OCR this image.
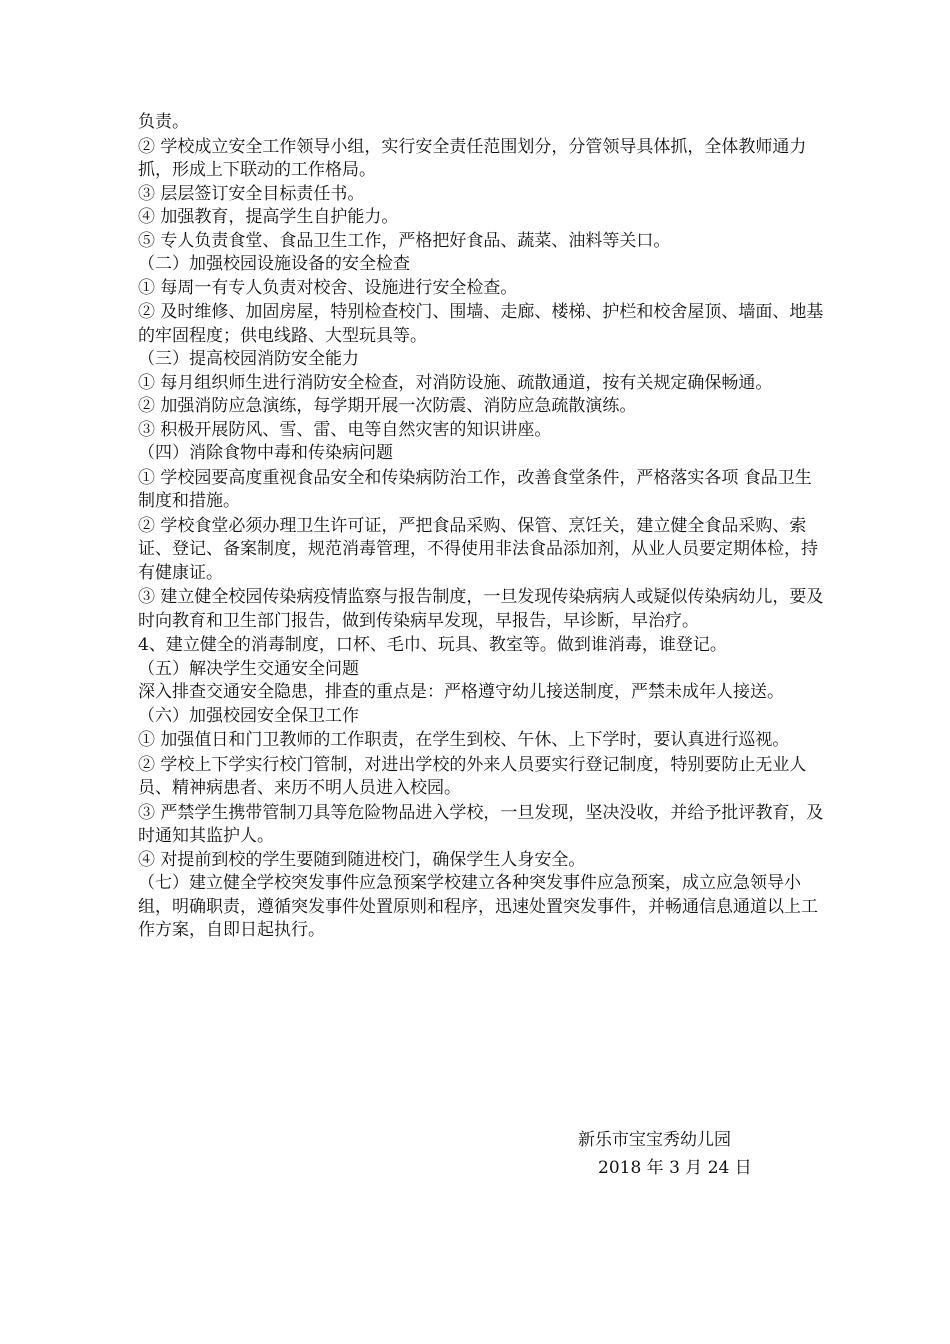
负责。

② 学校成立安全工作领导小组，实行安全责任范围划分，分管领导具体抓，全体教师通力抓，形成上下联动的工作格局。

③ 层层签订安全目标责任书。

④ 加强教育，提高学生自护能力。

⑤ 专人负责食堂、食品卫生工作，严格把好食品、蔬菜、油料等关口。

（二）加强校园设施设备的安全检查

① 每周一有专人负责对校舍、设施进行安全检查。

② 及时维修、加固房屋，特别检查校门、围墙、走廊、楼梯、护栏和校舍屋顶、墙面、地基的牢固程度；供电线路、大型玩具等。

（三）提高校园消防安全能力

① 每月组织师生进行消防安全检查，对消防设施、疏散通道，按有关规定确保畅通。

② 加强消防应急演练，每学期开展一次防震、消防应急疏散演练。

③ 积极开展防风、雪、雷、电等自然灾害的知识讲座。

（四）消除食物中毒和传染病问题

① 学校园要高度重视食品安全和传染病防治工作，改善食堂条件，严格落实各项 食品卫生制度和措施。

② 学校食堂必须办理卫生许可证，严把食品采购、保管、烹饪关，建立健全食品采购、索证、登记、备案制度，规范消毒管理，不得使用非法食品添加剂，从业人员要定期体检，持有健康证。

③ 建立健全校园传染病疫情监察与报告制度，一旦发现传染病病人或疑似传染病幼儿，要及时向教育和卫生部门报告，做到传染病早发现，早报告，早诊断，早治疗。

4、建立健全的消毒制度，口杯、毛巾、玩具、教室等。做到谁消毒，谁登记。

（五）解决学生交通安全问题

深入排查交通安全隐患，排查的重点是：严格遵守幼儿接送制度，严禁未成年人接送。

（六）加强校园安全保卫工作

① 加强值日和门卫教师的工作职责，在学生到校、午休、上下学时，要认真进行巡视。

② 学校上下学实行校门管制，对进出学校的外来人员要实行登记制度，特别要防止无业人员、精神病患者、来历不明人员进入校园。

③ 严禁学生携带管制刀具等危险物品进入学校，一旦发现，坚决没收，并给予批评教育，及时通知其监护人。

④ 对提前到校的学生要随到随进校门，确保学生人身安全。

（七）建立健全学校突发事件应急预案学校建立各种突发事件应急预案，成立应急领导小组，明确职责，遵循突发事件处置原则和程序，迅速处置突发事件，并畅通信息通道以上工作方案，自即日起执行。

新乐市宝宝秀幼儿园
2018 年 3 月 24 日
